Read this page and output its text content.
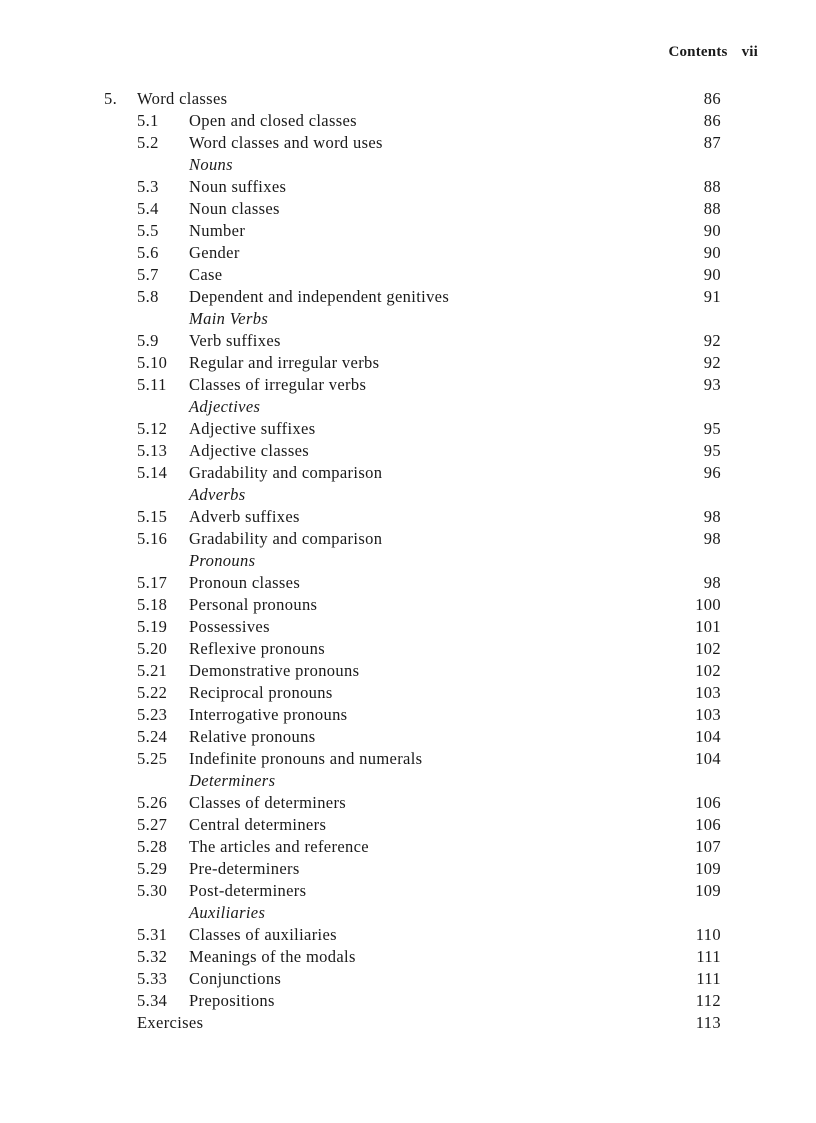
Contents vii
5. Word classes	86
5.1 Open and closed classes	86
5.2 Word classes and word uses	87
Nouns
5.3 Noun suffixes	88
5.4 Noun classes	88
5.5 Number	90
5.6 Gender	90
5.7 Case	90
5.8 Dependent and independent genitives	91
Main Verbs
5.9 Verb suffixes	92
5.10 Regular and irregular verbs	92
5.11 Classes of irregular verbs	93
Adjectives
5.12 Adjective suffixes	95
5.13 Adjective classes	95
5.14 Gradability and comparison	96
Adverbs
5.15 Adverb suffixes	98
5.16 Gradability and comparison	98
Pronouns
5.17 Pronoun classes	98
5.18 Personal pronouns	100
5.19 Possessives	101
5.20 Reflexive pronouns	102
5.21 Demonstrative pronouns	102
5.22 Reciprocal pronouns	103
5.23 Interrogative pronouns	103
5.24 Relative pronouns	104
5.25 Indefinite pronouns and numerals	104
Determiners
5.26 Classes of determiners	106
5.27 Central determiners	106
5.28 The articles and reference	107
5.29 Pre-determiners	109
5.30 Post-determiners	109
Auxiliaries
5.31 Classes of auxiliaries	110
5.32 Meanings of the modals	111
5.33 Conjunctions	111
5.34 Prepositions	112
Exercises	113
